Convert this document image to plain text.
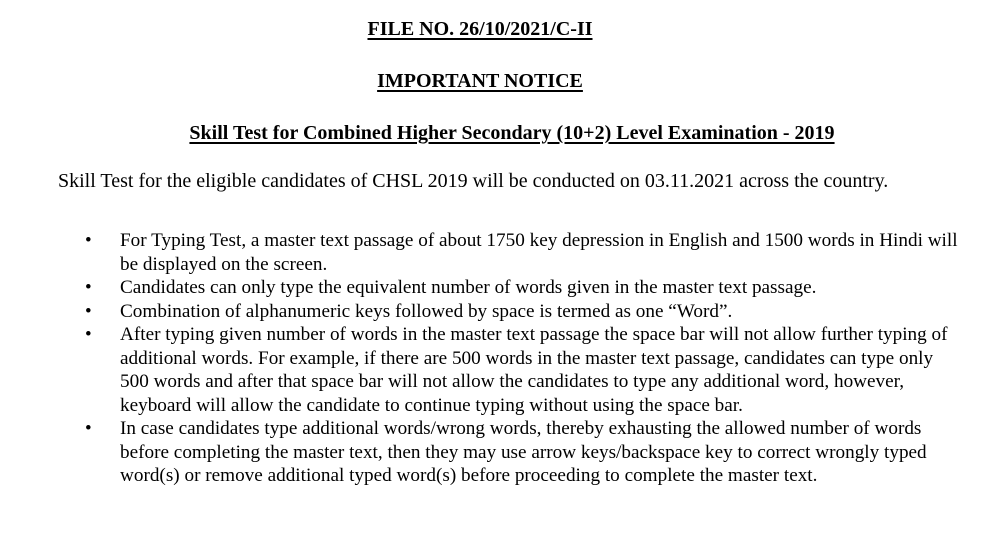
FILE NO. 26/10/2021/C-II
IMPORTANT NOTICE
Skill Test for Combined Higher Secondary (10+2) Level Examination - 2019
Skill Test for the eligible candidates of CHSL 2019 will be conducted on 03.11.2021 across the country.
• For Typing Test, a master text passage of about 1750 key depression in English and 1500 words in Hindi will be displayed on the screen.
• Candidates can only type the equivalent number of words given in the master text passage.
• Combination of alphanumeric keys followed by space is termed as one “Word”.
• After typing given number of words in the master text passage the space bar will not allow further typing of additional words. For example, if there are 500 words in the master text passage, candidates can type only 500 words and after that space bar will not allow the candidates to type any additional word, however, keyboard will allow the candidate to continue typing without using the space bar.
• In case candidates type additional words/wrong words, thereby exhausting the allowed number of words before completing the master text, then they may use arrow keys/backspace key to correct wrongly typed word(s) or remove additional typed word(s) before proceeding to complete the master text.
